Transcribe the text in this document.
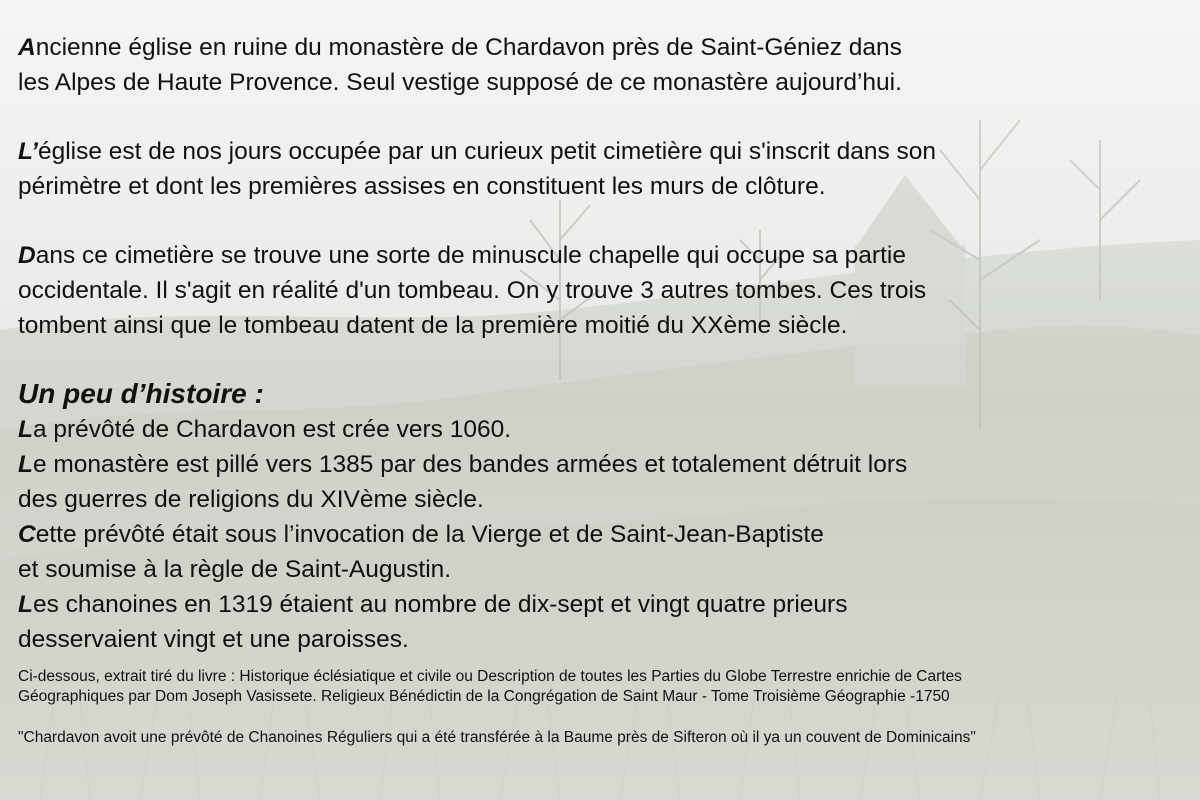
Ancienne église en ruine du monastère de Chardavon près de Saint-Géniez dans
les Alpes de Haute Provence. Seul vestige supposé de ce monastère aujourd’hui.
L’église est de nos jours occupée par un curieux petit cimetière qui s'inscrit dans son
périmètre et dont les premières assises en constituent les murs de clôture.
Dans ce cimetière se trouve une sorte de minuscule chapelle qui occupe sa partie
occidentale. Il s'agit en réalité d'un tombeau. On y trouve 3 autres tombes. Ces trois
tombent ainsi que le tombeau datent de la première moitié du XXème siècle.
Un peu d’histoire :
La prévôté de Chardavon est crée vers 1060.
Le monastère est pillé vers 1385 par des bandes armées et totalement détruit lors
des guerres de religions du XIVème siècle.
Cette prévôté était sous l’invocation de la Vierge et de Saint-Jean-Baptiste
et soumise à la règle de Saint-Augustin.
Les chanoines en 1319 étaient au nombre de dix-sept et vingt quatre prieurs
desservaient vingt et une paroisses.
Ci-dessous, extrait tiré du livre : Historique éclésiatique et civile ou Description de toutes les Parties du Globe Terrestre enrichie de Cartes
Géographiques par Dom Joseph Vasissete. Religieux Bénédictin de la Congrégation de Saint Maur - Tome Troisième Géographie -1750
"Chardavon avoit une prévôté de Chanoines Réguliers qui a été transférée à la Baume près de Sifteron où il ya un couvent de Dominicains"
